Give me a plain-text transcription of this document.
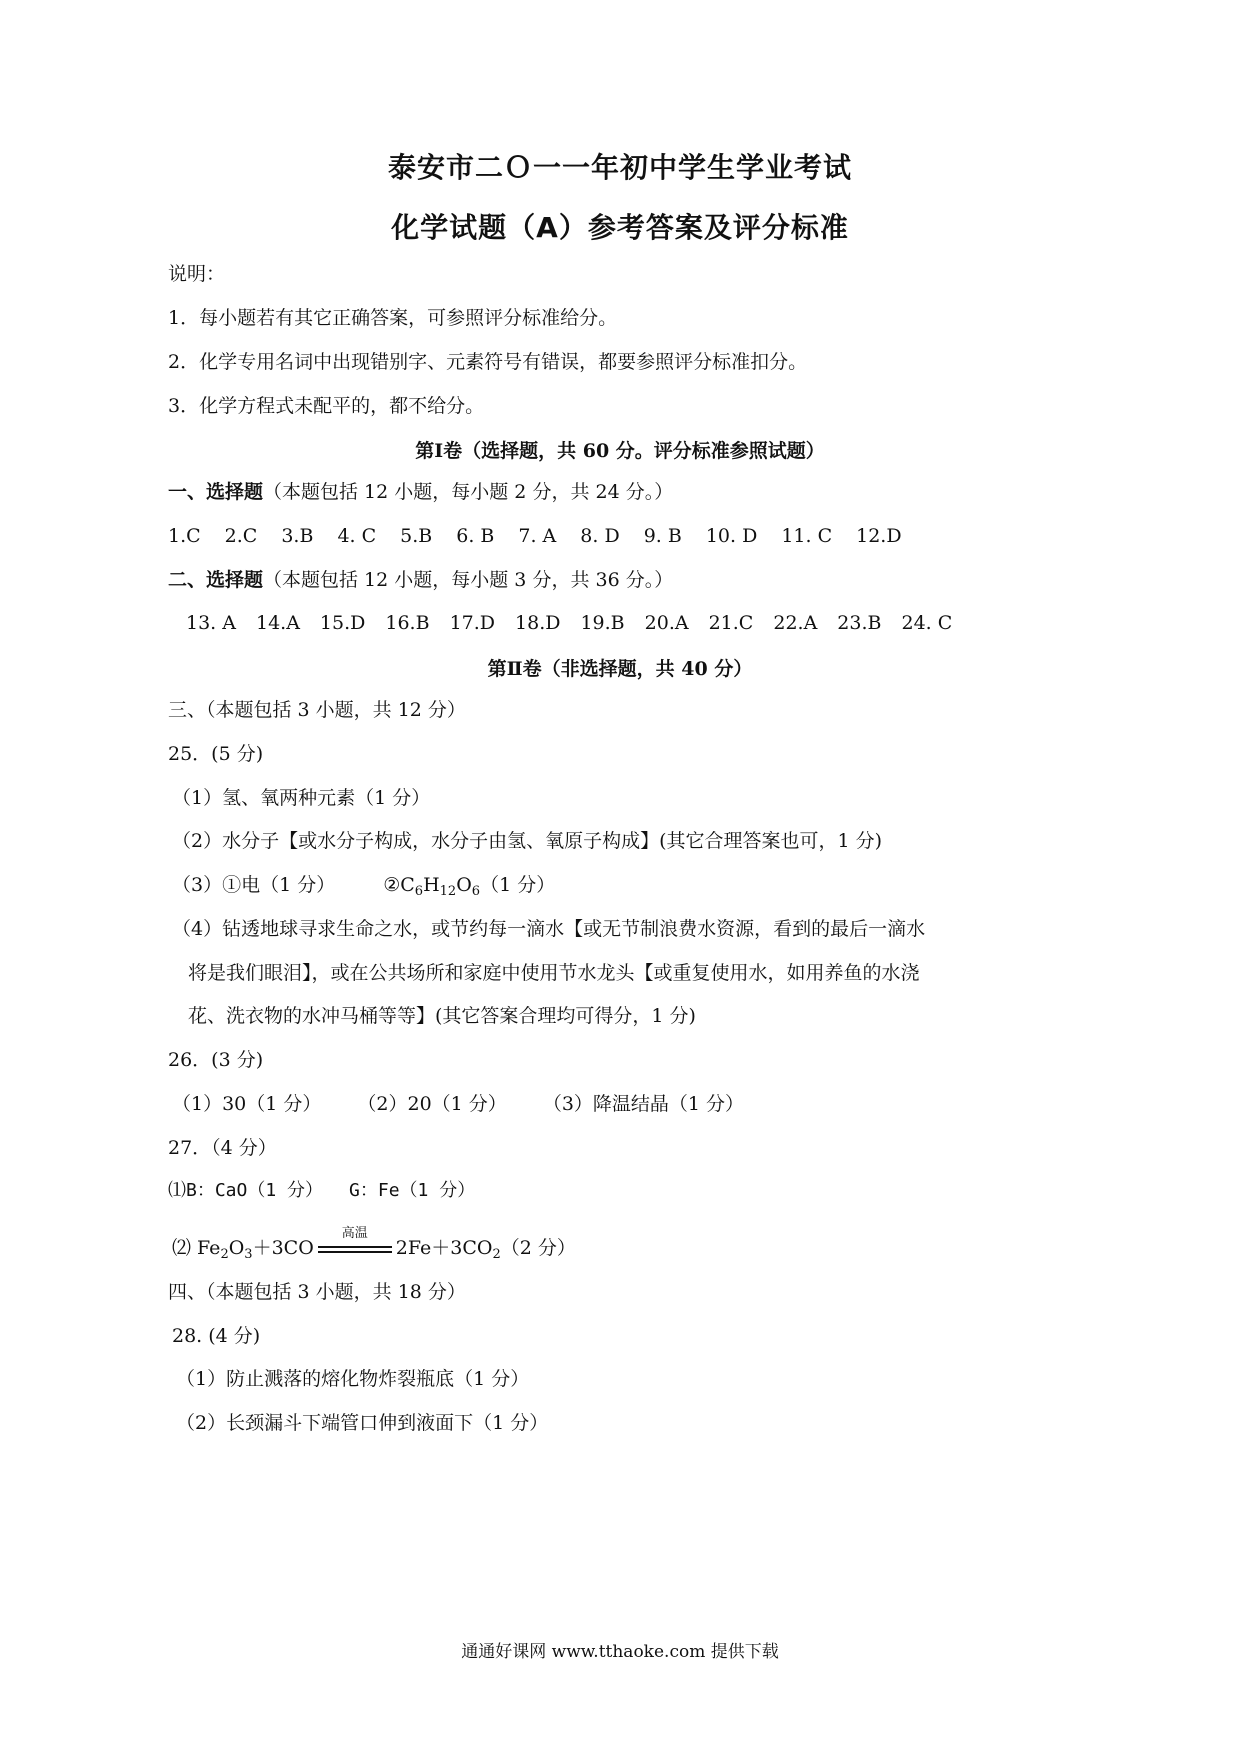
泰安市二Ｏ一一年初中学生学业考试
化学试题（A）参考答案及评分标准
说明：
1．每小题若有其它正确答案，可参照评分标准给分。
2．化学专用名词中出现错别字、元素符号有错误，都要参照评分标准扣分。
3．化学方程式未配平的，都不给分。
第Ⅰ卷（选择题，共 60 分。评分标准参照试题）
一、选择题（本题包括 12 小题，每小题 2 分，共 24 分。）
1.C 2.C 3.B 4. C 5.B 6. B 7. A 8. D 9. B 10. D 11. C 12.D
二、选择题（本题包括 12 小题，每小题 3 分，共 36 分。）
13. A 14.A 15.D 16.B 17.D 18.D 19.B 20.A 21.C 22.A 23.B 24. C
第Ⅱ卷（非选择题，共 40 分）
三、（本题包括 3 小题，共 12 分）
25．(5 分)
（1）氢、氧两种元素（1 分）
（2）水分子【或水分子构成，水分子由氢、氧原子构成】(其它合理答案也可，1 分)
（3）①电（1 分）	$②C_6H_{12}O_6(1$ 分）
（4）钻透地球寻求生命之水，或节约每一滴水【或无节制浪费水资源，看到的最后一滴水
将是我们眼泪】，或在公共场所和家庭中使用节水龙头【或重复使用水，如用养鱼的水浇
花、洗衣物的水冲马桶等等】(其它答案合理均可得分，1 分)
26．(3 分)
（1）30（1 分） （2）20（1 分） （3）降温结晶（1 分）
27．（4 分）
⑴B：CaO（1 分） G：Fe（1 分）
⑵ $Fe_2O_3+3CO$
高温
$2Fe+3CO_2(2$ 分）
四、（本题包括 3 小题，共 18 分）
28. (4 分)
（1）防止溅落的熔化物炸裂瓶底（1 分）
（2）长颈漏斗下端管口伸到液面下（1 分）
通通好课网 www.tthaoke.com 提供下载
